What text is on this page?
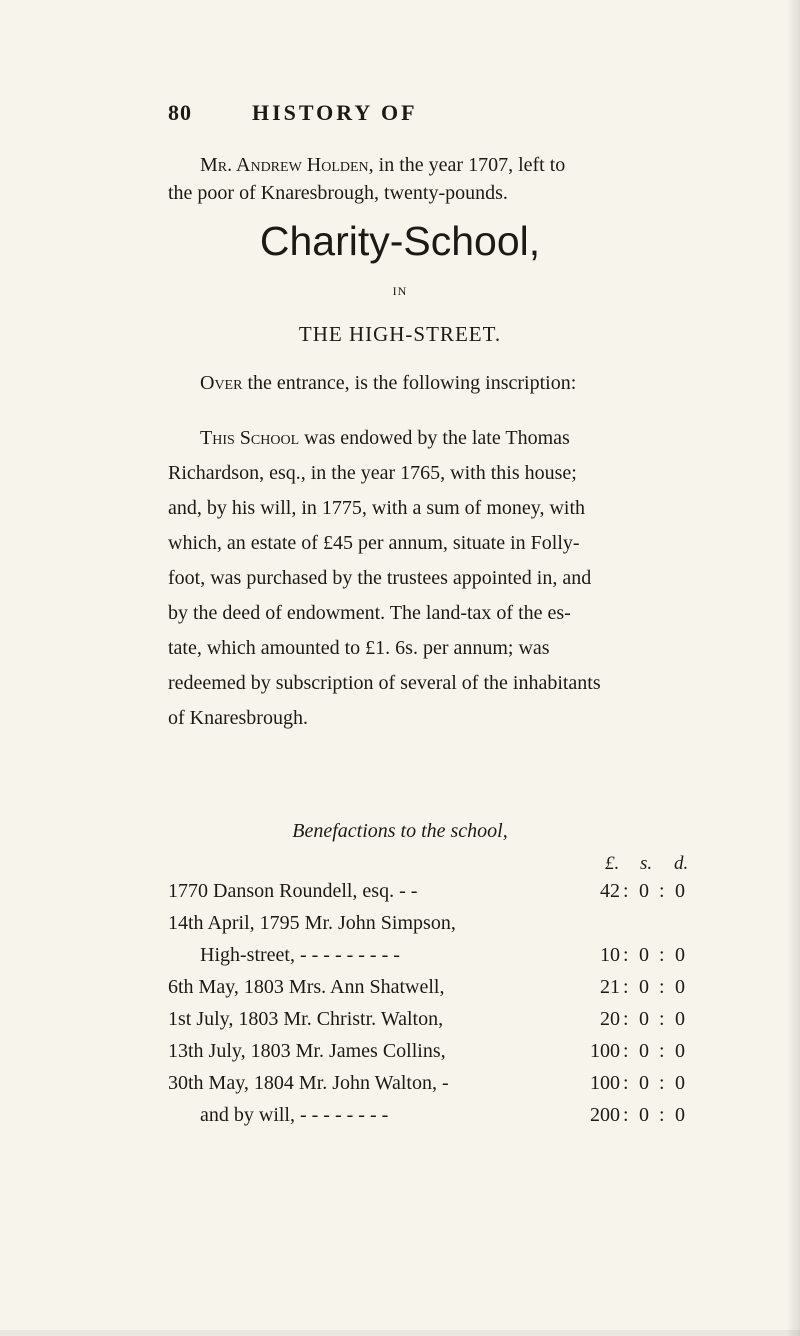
80	HISTORY OF
Mr. Andrew Holden, in the year 1707, left to
the poor of Knaresbrough, twenty-pounds.
Charity-School,
IN
THE HIGH-STREET.
Over the entrance, is the following inscription:
This School was endowed by the late Thomas
Richardson, esq., in the year 1765, with this house;
and, by his will, in 1775, with a sum of money, with
which, an estate of £45 per annum, situate in Folly-
foot, was purchased by the trustees appointed in, and
by the deed of endowment. The land-tax of the es-
tate, which amounted to £1. 6s. per annum; was
redeemed by subscription of several of the inhabitants
of Knaresbrough.
Benefactions to the school,
£. s. d.
1770 Danson Roundell, esq. - -	42 : 0 : 0
14th April, 1795 Mr. John Simpson,
High-street, - - - - - - - - -	10 : 0 : 0
6th May, 1803 Mrs. Ann Shatwell,	21 : 0 : 0
1st July, 1803 Mr. Christr. Walton,	20 : 0 : 0
13th July, 1803 Mr. James Collins,	100 : 0 : 0
30th May, 1804 Mr. John Walton, -	100 : 0 : 0
and by will, - - - - - - - -	200 : 0 : 0
